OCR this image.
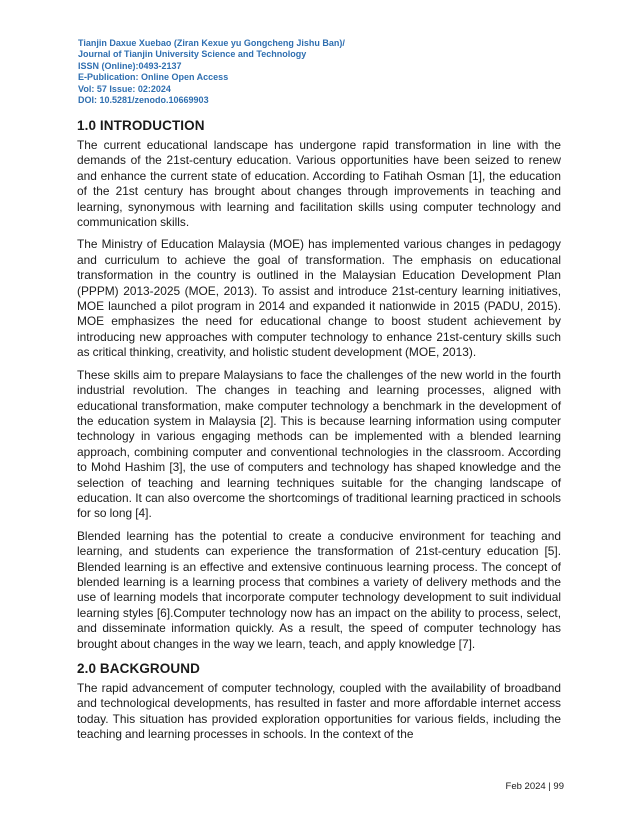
Tianjin Daxue Xuebao (Ziran Kexue yu Gongcheng Jishu Ban)/
Journal of Tianjin University Science and Technology
ISSN (Online):0493-2137
E-Publication: Online Open Access
Vol: 57 Issue: 02:2024
DOI: 10.5281/zenodo.10669903
1.0 INTRODUCTION

The current educational landscape has undergone rapid transformation in line with the demands of the 21st-century education. Various opportunities have been seized to renew and enhance the current state of education. According to Fatihah Osman [1], the education of the 21st century has brought about changes through improvements in teaching and learning, synonymous with learning and facilitation skills using computer technology and communication skills.

The Ministry of Education Malaysia (MOE) has implemented various changes in pedagogy and curriculum to achieve the goal of transformation. The emphasis on educational transformation in the country is outlined in the Malaysian Education Development Plan (PPPM) 2013-2025 (MOE, 2013). To assist and introduce 21st-century learning initiatives, MOE launched a pilot program in 2014 and expanded it nationwide in 2015 (PADU, 2015). MOE emphasizes the need for educational change to boost student achievement by introducing new approaches with computer technology to enhance 21st-century skills such as critical thinking, creativity, and holistic student development (MOE, 2013).

These skills aim to prepare Malaysians to face the challenges of the new world in the fourth industrial revolution. The changes in teaching and learning processes, aligned with educational transformation, make computer technology a benchmark in the development of the education system in Malaysia [2]. This is because learning information using computer technology in various engaging methods can be implemented with a blended learning approach, combining computer and conventional technologies in the classroom. According to Mohd Hashim [3], the use of computers and technology has shaped knowledge and the selection of teaching and learning techniques suitable for the changing landscape of education. It can also overcome the shortcomings of traditional learning practiced in schools for so long [4].

Blended learning has the potential to create a conducive environment for teaching and learning, and students can experience the transformation of 21st-century education [5]. Blended learning is an effective and extensive continuous learning process. The concept of blended learning is a learning process that combines a variety of delivery methods and the use of learning models that incorporate computer technology development to suit individual learning styles [6].Computer technology now has an impact on the ability to process, select, and disseminate information quickly. As a result, the speed of computer technology has brought about changes in the way we learn, teach, and apply knowledge [7].

2.0 BACKGROUND

The rapid advancement of computer technology, coupled with the availability of broadband and technological developments, has resulted in faster and more affordable internet access today. This situation has provided exploration opportunities for various fields, including the teaching and learning processes in schools. In the context of the

Feb 2024 | 99
